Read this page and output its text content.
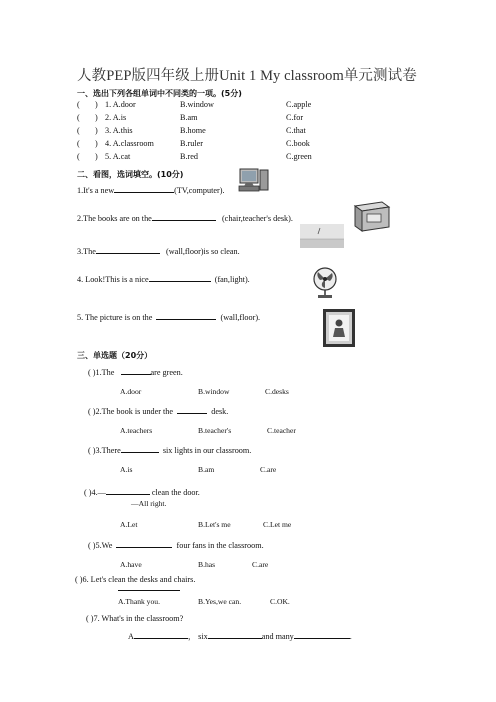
人教PEP版四年级上册Unit 1 My classroom单元测试卷
一、选出下列各组单词中不同类的一项。(5分)
( ) 1. A.door	B.window	C.apple
( ) 2. A.is	B.am	C.for
( ) 3. A.this	B.home	C.that
( ) 4. A.classroom	B.ruler	C.book
( ) 5. A.cat	B.red	C.green
二、看图，选词填空。(10分)
1.It's a new	(TV,computer).
2.The books are on the	(chair,teacher's desk).
3.The	(wall,floor)is so clean.
4. Look!This is a nice	(fan,light).
5. The picture is on the	(wall,floor).
三、单选题（20分）
( )1.The	are green.
A.door	B.window	C.desks
( )2.The book is under the	desk.
A.teachers	B.teacher's	C.teacher
( )3.There	six lights in our classroom.
A.is	B.am	C.are
( )4.—	clean the door.
—All right.
A.Let	B.Let's me	C.Let me
( )5.We	four fans in the classroom.
A.have	B.has	C.are
( )6. Let's clean the desks and chairs.
A.Thank you.	B.Yes,we can.	C.OK.
( )7. What's in the classroom?
A	， six	and many	.
